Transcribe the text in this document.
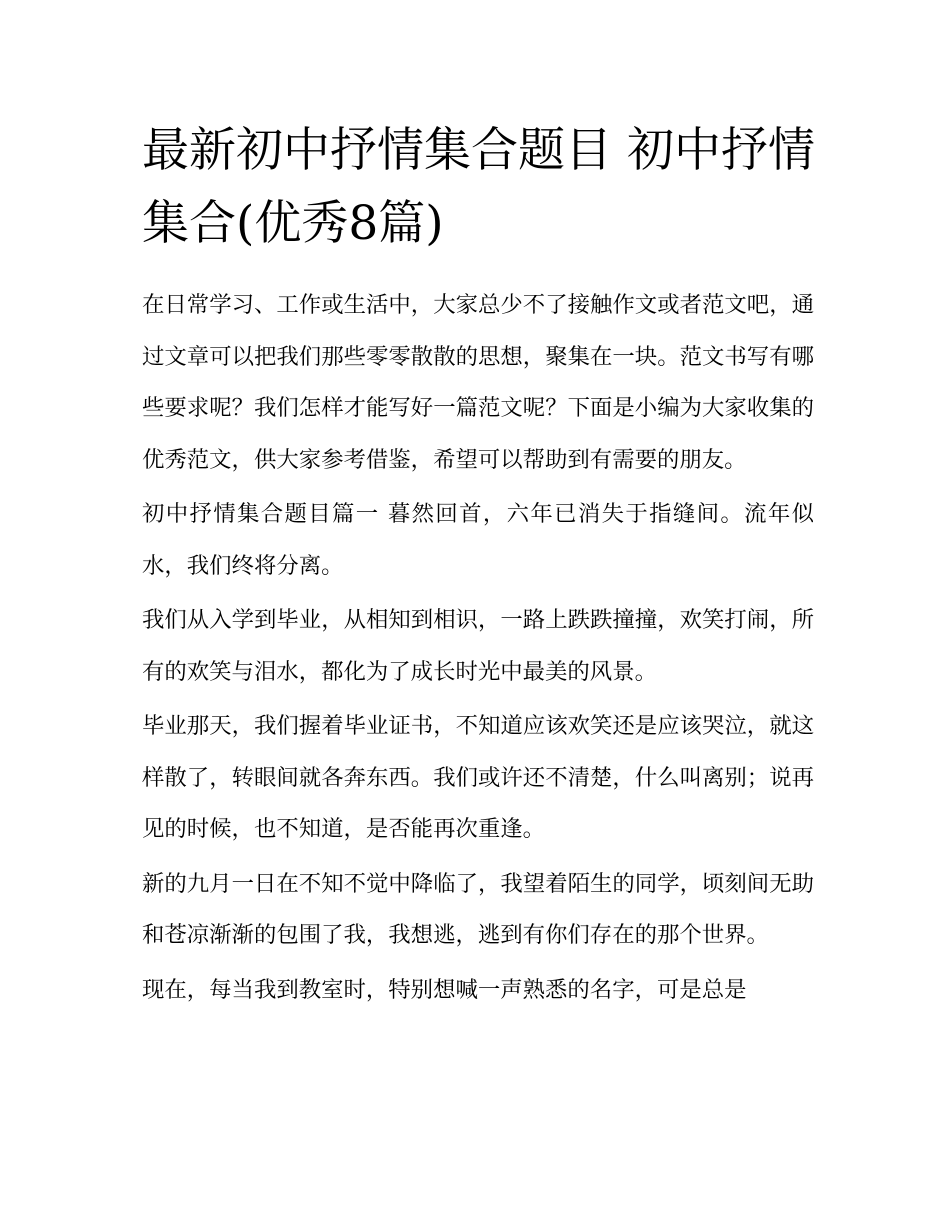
最新初中抒情集合题目 初中抒情集合(优秀8篇)

在日常学习、工作或生活中，大家总少不了接触作文或者范文吧，通过文章可以把我们那些零零散散的思想，聚集在一块。范文书写有哪些要求呢？我们怎样才能写好一篇范文呢？下面是小编为大家收集的优秀范文，供大家参考借鉴，希望可以帮助到有需要的朋友。

初中抒情集合题目篇一 暮然回首，六年已消失于指缝间。流年似水，我们终将分离。

我们从入学到毕业，从相知到相识，一路上跌跌撞撞，欢笑打闹，所有的欢笑与泪水，都化为了成长时光中最美的风景。

毕业那天，我们握着毕业证书，不知道应该欢笑还是应该哭泣，就这样散了，转眼间就各奔东西。我们或许还不清楚，什么叫离别；说再见的时候，也不知道，是否能再次重逢。

新的九月一日在不知不觉中降临了，我望着陌生的同学，顷刻间无助和苍凉渐渐的包围了我，我想逃，逃到有你们存在的那个世界。

现在，每当我到教室时，特别想喊一声熟悉的名字，可是总是
